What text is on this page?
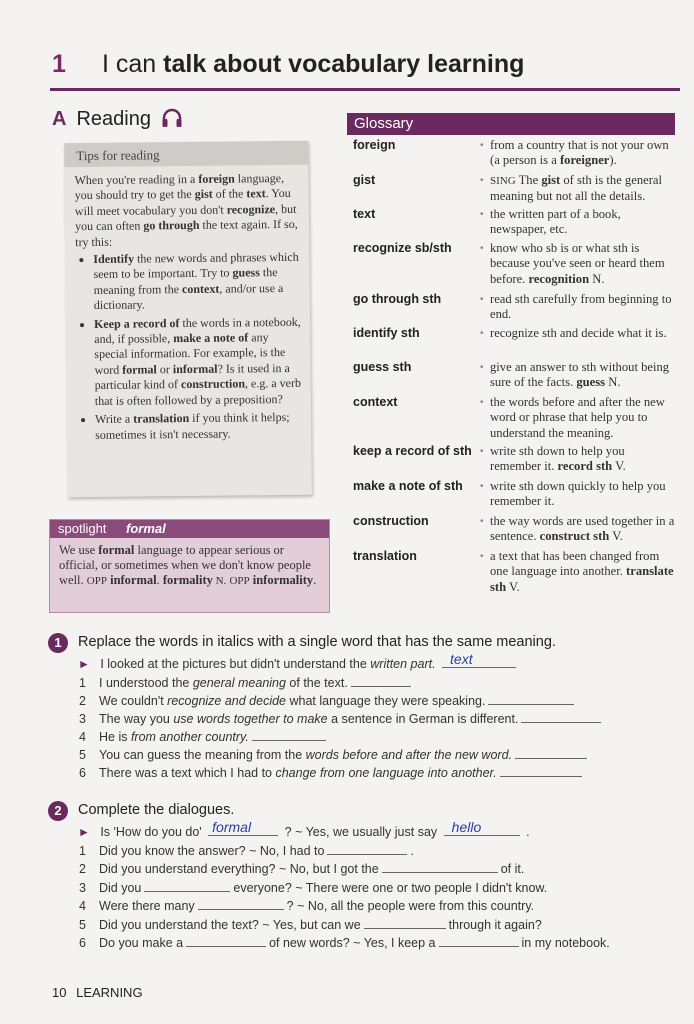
1 I can talk about vocabulary learning
A Reading
Tips for reading

When you're reading in a foreign language, you should try to get the gist of the text. You will meet vocabulary you don't recognize, but you can often go through the text again. If so, try this:

• Identify the new words and phrases which seem to be important. Try to guess the meaning from the context, and/or use a dictionary.
• Keep a record of the words in a notebook, and, if possible, make a note of any special information. For example, is the word formal or informal? Is it used in a particular kind of construction, e.g. a verb that is often followed by a preposition?
• Write a translation if you think it helps; sometimes it isn't necessary.
spotlight formal
We use formal language to appear serious or official, or sometimes when we don't know people well. OPP informal. formality N. OPP informality.
Glossary
foreign	• from a country that is not your own (a person is a foreigner).
gist	• SING The gist of sth is the general meaning but not all the details.
text	• the written part of a book, newspaper, etc.
recognize sb/sth	• know who sb is or what sth is because you've seen or heard them before. recognition N.
go through sth	• read sth carefully from beginning to end.
identify sth	• recognize sth and decide what it is.
guess sth	• give an answer to sth without being sure of the facts. guess N.
context	• the words before and after the new word or phrase that help you to understand the meaning.
keep a record of sth • write sth down to help you remember it. record sth V.
make a note of sth • write sth down quickly to help you remember it.
construction	• the way words are used together in a sentence. construct sth V.
translation	• a text that has been changed from one language into another. translate sth V.
1	Replace the words in italics with a single word that has the same meaning.
► I looked at the pictures but didn't understand the written part. text
1	I understood the general meaning of the text.
2	We couldn't recognize and decide what language they were speaking.
3	The way you use words together to make a sentence in German is different.
4	He is from another country.
5	You can guess the meaning from the words before and after the new word.
6	There was a text which I had to change from one language into another.
2	Complete the dialogues.
► Is 'How do you do' formal	? ~ Yes, we usually just say hello	.
1	Did you know the answer? ~ No, I had to	.
2	Did you understand everything? ~ No, but I got the	of it.
3	Did you	everyone? ~ There were one or two people I didn't know.
4	Were there many	? ~ No, all the people were from this country.
5	Did you understand the text? ~ Yes, but can we	through it again?
6	Do you make a	of new words? ~ Yes, I keep a	in my notebook.
10 LEARNING
